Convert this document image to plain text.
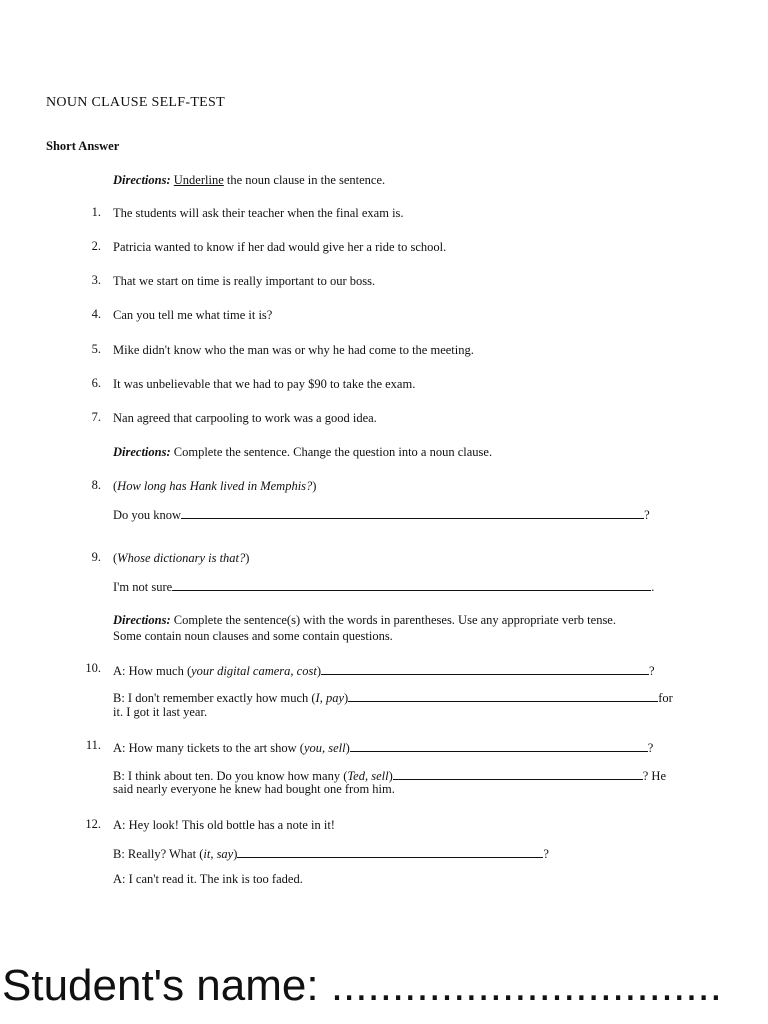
NOUN CLAUSE SELF-TEST
Short Answer
Directions: Underline the noun clause in the sentence.
1. The students will ask their teacher when the final exam is.
2. Patricia wanted to know if her dad would give her a ride to school.
3. That we start on time is really important to our boss.
4. Can you tell me what time it is?
5. Mike didn't know who the man was or why he had come to the meeting.
6. It was unbelievable that we had to pay $90 to take the exam.
7. Nan agreed that carpooling to work was a good idea.
Directions: Complete the sentence. Change the question into a noun clause.
8. (How long has Hank lived in Memphis?)
Do you know	?
9. (Whose dictionary is that?)
I'm not sure	.
Directions: Complete the sentence(s) with the words in parentheses. Use any appropriate verb tense.
Some contain noun clauses and some contain questions.
10. A: How much (your digital camera, cost)	?
B: I don't remember exactly how much (I, pay)	for
it. I got it last year.
11. A: How many tickets to the art show (you, sell)	?
B: I think about ten. Do you know how many (Ted, sell)	? He
said nearly everyone he knew had bought one from him.
12. A: Hey look! This old bottle has a note in it!
B: Really? What (it, say)	?
A: I can't read it. The ink is too faded.
Student's name: ................................
